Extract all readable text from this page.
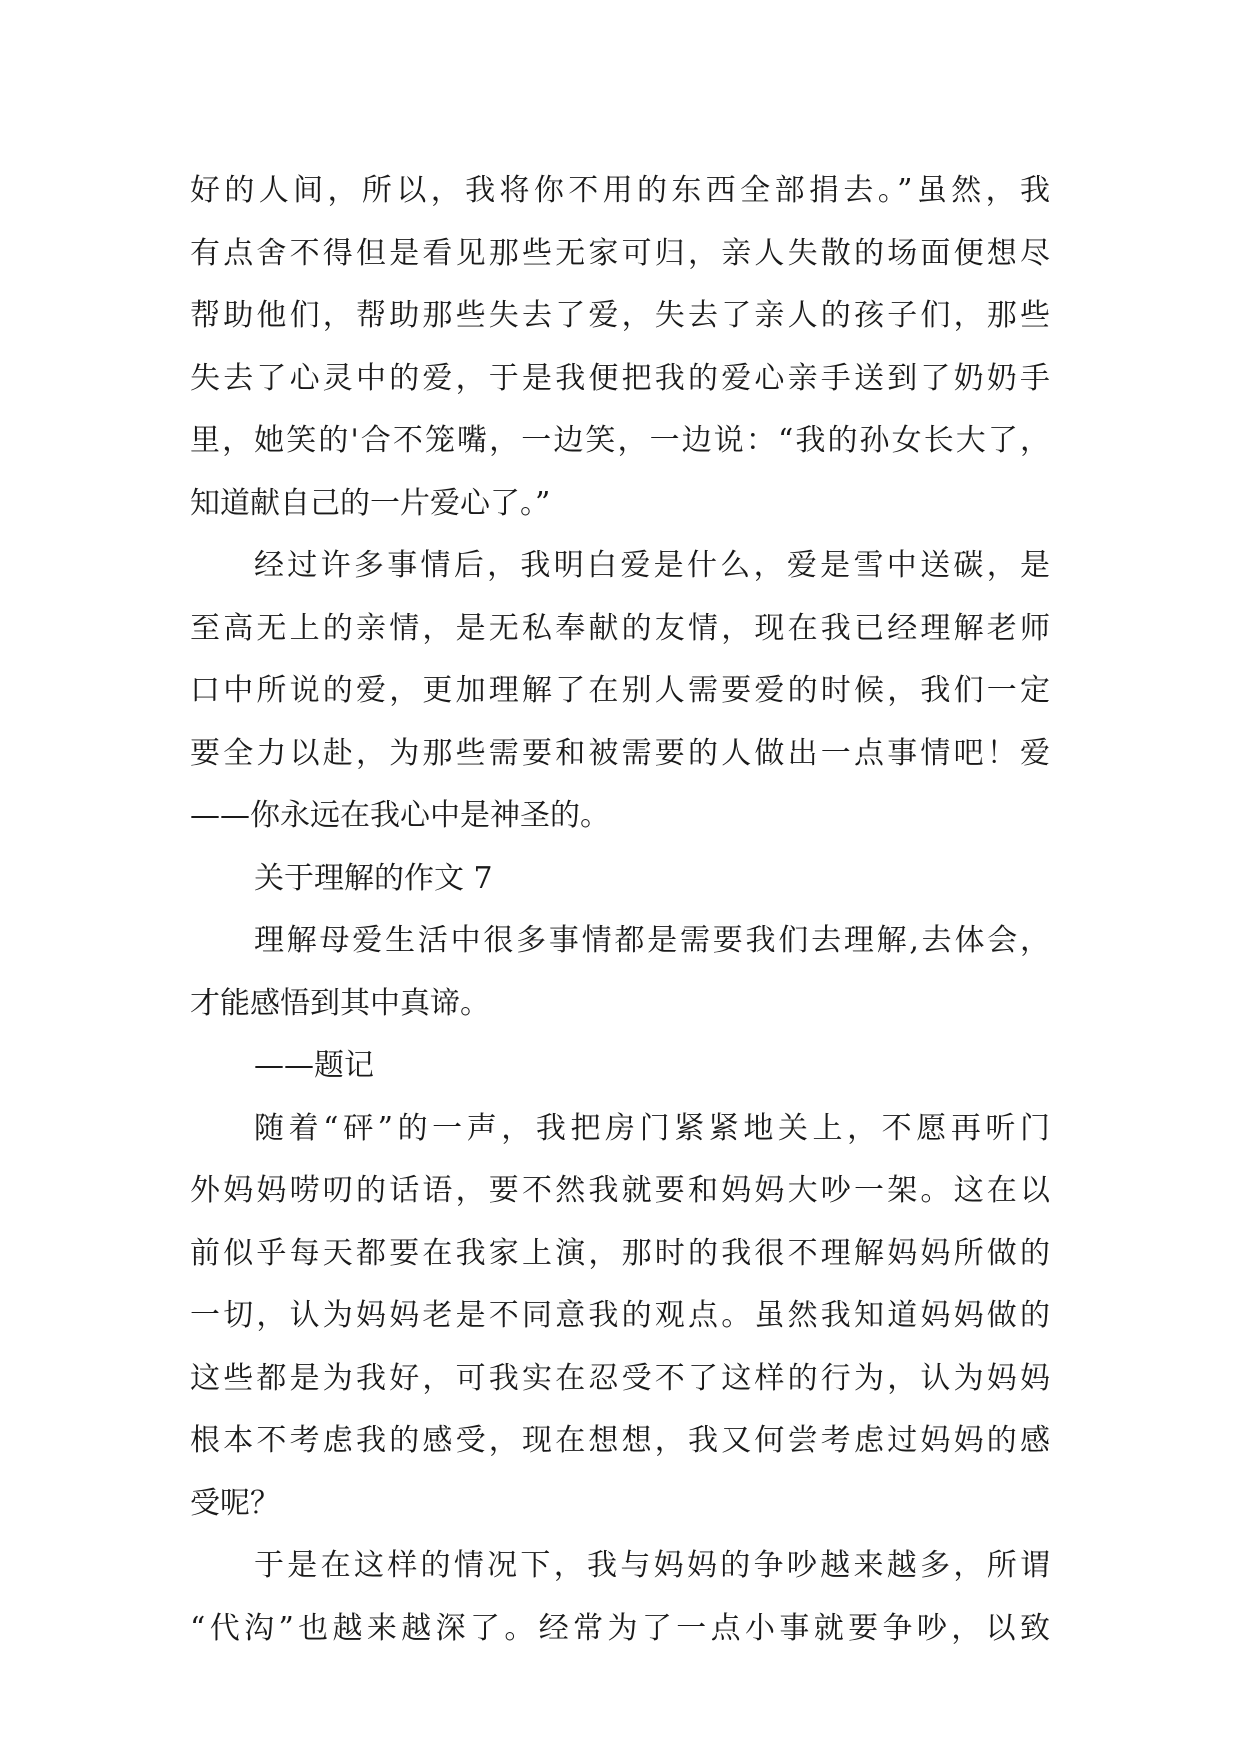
好的人间，所以，我将你不用的东西全部捐去。”虽然，我
有点舍不得但是看见那些无家可归，亲人失散的场面便想尽
帮助他们，帮助那些失去了爱，失去了亲人的孩子们，那些
失去了心灵中的爱，于是我便把我的爱心亲手送到了奶奶手
里，她笑的'合不笼嘴，一边笑，一边说：“我的孙女长大了，
知道献自己的一片爱心了。”
经过许多事情后，我明白爱是什么，爱是雪中送碳，是
至高无上的亲情，是无私奉献的友情，现在我已经理解老师
口中所说的爱，更加理解了在别人需要爱的时候，我们一定
要全力以赴，为那些需要和被需要的人做出一点事情吧！爱
——你永远在我心中是神圣的。
关于理解的作文 7
理解母爱生活中很多事情都是需要我们去理解,去体会，
才能感悟到其中真谛。
——题记
随着“砰”的一声，我把房门紧紧地关上，不愿再听门
外妈妈唠叨的话语，要不然我就要和妈妈大吵一架。这在以
前似乎每天都要在我家上演，那时的我很不理解妈妈所做的
一切，认为妈妈老是不同意我的观点。虽然我知道妈妈做的
这些都是为我好，可我实在忍受不了这样的行为，认为妈妈
根本不考虑我的感受，现在想想，我又何尝考虑过妈妈的感
受呢？
于是在这样的情况下，我与妈妈的争吵越来越多，所谓
“代沟”也越来越深了。经常为了一点小事就要争吵，以致
